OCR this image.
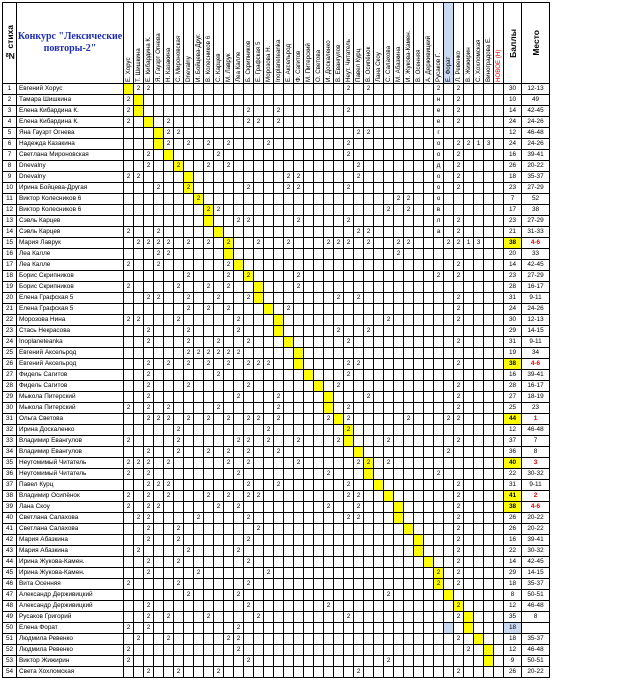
№ стиха	Конкурс "Лексические повторы-2"	Е. Хорус	Т. Шишкина	Е. Кибардина К.	Я. Гаузрт Огнева	Н. Казакина	С. Мироновская	Dnevalny	И. Бойцева-Друг.	В. Колесников 6	С. Карцев	М. Лаврук	Леа Калле	Б. Скрипников	Е. Графская 5	Морозова Н.	Inoplaneteanka	Е. Аксельрод	Ф. Сагитов	М. Питерский	О. Светова	И. Доскаленко	В. Евангулов	Неут. Читатель	Павел Курц	В. Осипёнок	Лана Скоу	С. Салахова	М. Абазкина	И. Жукова-Камен.	В. Осенняя	А. Держивицкий	Русаков Г.	Е. Форат	Л. Ревенко	В. Жижирин	С. Хохломская	Виноградова Е.	НОВОЕ (Н)	Баллы	Место

1	Евгений Хорус		2	2																				2		2							2		2					30	12-13
2	Тамара Шишкина	2																															н		2					10	49
3	Елена Кибардина К.	2												2			2							2									е		2					14	42-45
4	Елена Кибардина К.	2				2								2	2		2																е		2					24	24-26
5	Яна Гаузрт Огнева					2	2																		2	2							г							12	46-48
6	Надежда Казакина					2		2		2		2				2								2									о		2	2	1	3		24	24-26
7	Светлана Мироновская			2							2													2									о		2					16	39-41
8	Dnevalny			2			2			2		2													2								д		2					26	20-22
9	Dnevalny	2	2															2	2						2								о		2					18	35-37
10	Ирина Бойцева-Другая				2			2						2				2	2					2									о		2					23	27-29
11	Виктор Колесников 6								2																				2	2			о							7	52
12	Виктор Колесников 6									2	2																	2		2			в							17	38
13	Сэвль Карцев												2	2					2					2									л		2					23	27-29
14	Сэвль Карцев	2			2																				2	2							а		2					21	31-33
15	Мария Лаврук		2	2	2	2		2		2		2			2			2				2	2	2		2			2	2				2	2	1	3			38	4-6
16	Леа Калле				2	2																							2											20	33
17	Леа Калле	2			2							2																							2					14	42-45
18	Борис Скрипников							2				2		2					2														2		2					23	27-29
19	Борис Скрипников	2					2			2		2							2																					28	16-17
20	Елена Графская 5			2	2			2			2			2									2		2										2					31	9-11
21	Елена Графская 5							2		2		2						2																	2					24	24-26
22	Морозова Нина	2	2				2						2															2							2					30	12-13
23	Стась Некрасова			2				2					2										2			2														29	14-15
24	Inoplaneteanka			2				2			2			2										2											2					31	9-11
25	Евгений Аксельрод							2	2	2	2	2	2																											19	34
26	Евгений Аксельрод			2		2		2		2		2		2	2	2								2	2										2					38	4-6
27	Фидель Сагитов			2							2													2																16	39-41
28	Фидель Сагитов			2				2						2									2												2					28	16-17
29	Мыкола Питерский			2									2				2									2									2					27	18-19
30	Мыкола Питерский	2		2		2					2						2							2											2					25	23
31	Ольга Светова			2	2	2		2		2		2		2	2		2					2		2						2				2	2					44	1
32	Ирина Доскаленко						2									2								2																12	46-48
33	Владимир Евангулов	2					2						2	2		2			2				2					2							2					37	7
34	Владимир Евангулов			2			2			2		2		2			2																	2						36	8
35	Неутомимый Читатель	2	2	2		2						2		2					2						2	2		2												40	3
36	Неутомимый Читатель	2		2									2									2											2							22	30-32
37	Павел Курц			2	2	2								2			2							2											2					31	9-11
38	Владимир Осипёнок	2		2		2				2		2		2	2									2	2										2					41	2
39	Лана Скоу	2		2	2						2		2									2			2										2					38	4-6
40	Светлана Салахова		2	2					2					2										2	2										2					26	20-22
41	Светлана Салахова			2			2								2																				2					26	20-22
42	Мария Абазкина			2			2							2																					2					16	39-41
43	Мария Абазкина		2					2					2																						2					22	30-32
44	Ирина Жукова-Камен.			2			2							2																					2					14	42-45
45	Ирина Жукова-Камен.			2					2							2																	2		2					29	14-15
46	Вита Осенняя	2					2							2																			2		2					18	35-37
47	Александр Держивицкий							2					2															2												8	50-51
48	Александр Держивицкий			2										2								2													2					12	46-48
49	Русаков Григорий			2		2				2					2									2											2					35	8
50	Елена Форат	2		2									2																											18	
51	Людмила Ревенко		2			2						2	2																						2					18	35-37
52	Людмила Ревенко	2											2																							2				12	46-48
53	Виктор Жижирин	2												2														2												9	50-51
54	Света Хохломская			2			2				2														2										2					26	20-22
